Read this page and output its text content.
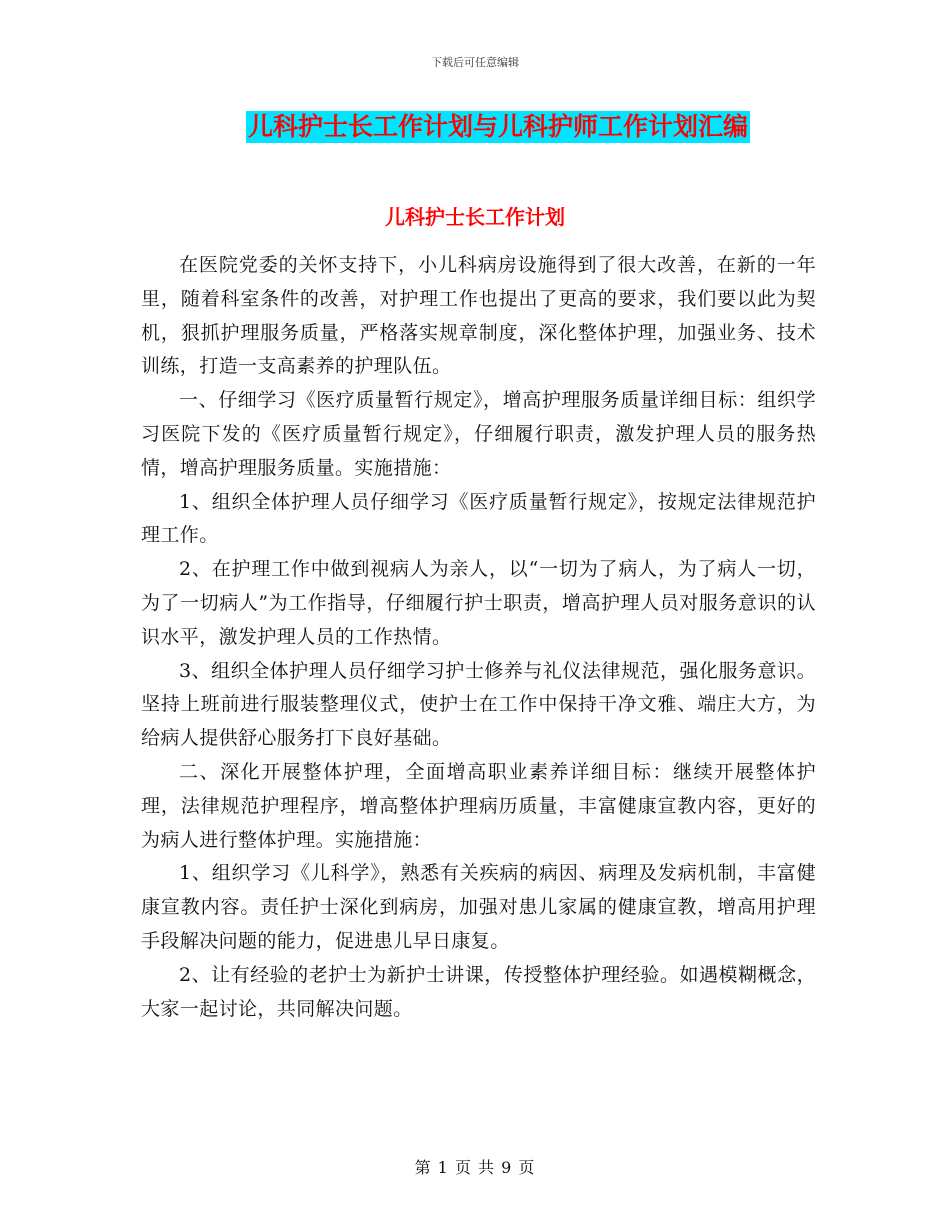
下载后可任意编辑
儿科护士长工作计划与儿科护师工作计划汇编
儿科护士长工作计划

在医院党委的关怀支持下，小儿科病房设施得到了很大改善，在新的一年里，随着科室条件的改善，对护理工作也提出了更高的要求，我们要以此为契机，狠抓护理服务质量，严格落实规章制度，深化整体护理，加强业务、技术训练，打造一支高素养的护理队伍。

一、仔细学习《医疗质量暂行规定》，增高护理服务质量详细目标：组织学习医院下发的《医疗质量暂行规定》，仔细履行职责，激发护理人员的服务热情，增高护理服务质量。实施措施：

1、组织全体护理人员仔细学习《医疗质量暂行规定》，按规定法律规范护理工作。

2、在护理工作中做到视病人为亲人，以“一切为了病人，为了病人一切，为了一切病人”为工作指导，仔细履行护士职责，增高护理人员对服务意识的认识水平，激发护理人员的工作热情。

3、组织全体护理人员仔细学习护士修养与礼仪法律规范，强化服务意识。坚持上班前进行服装整理仪式，使护士在工作中保持干净文雅、端庄大方，为给病人提供舒心服务打下良好基础。

二、深化开展整体护理，全面增高职业素养详细目标：继续开展整体护理，法律规范护理程序，增高整体护理病历质量，丰富健康宣教内容，更好的为病人进行整体护理。实施措施：

1、组织学习《儿科学》，熟悉有关疾病的病因、病理及发病机制，丰富健康宣教内容。责任护士深化到病房，加强对患儿家属的健康宣教，增高用护理手段解决问题的能力，促进患儿早日康复。

2、让有经验的老护士为新护士讲课，传授整体护理经验。如遇模糊概念，大家一起讨论，共同解决问题。

第 1 页 共 9 页
